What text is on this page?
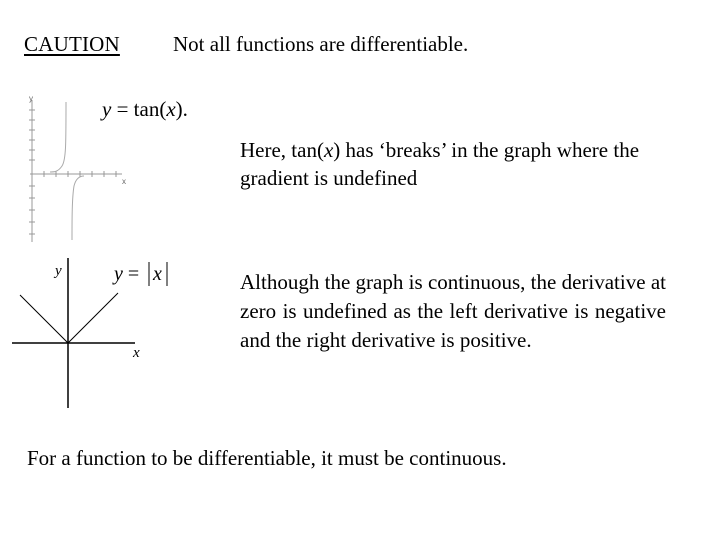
CAUTION	Not all functions are differentiable.
y = tan(x).
y
x
Here, tan(x) has ‘breaks’ in the graph where the gradient is undefined
y
x
y = x	Although the graph is continuous, the derivative at zero is undefined as the left derivative is negative and the right derivative is positive.
For a function to be differentiable, it must be continuous.
